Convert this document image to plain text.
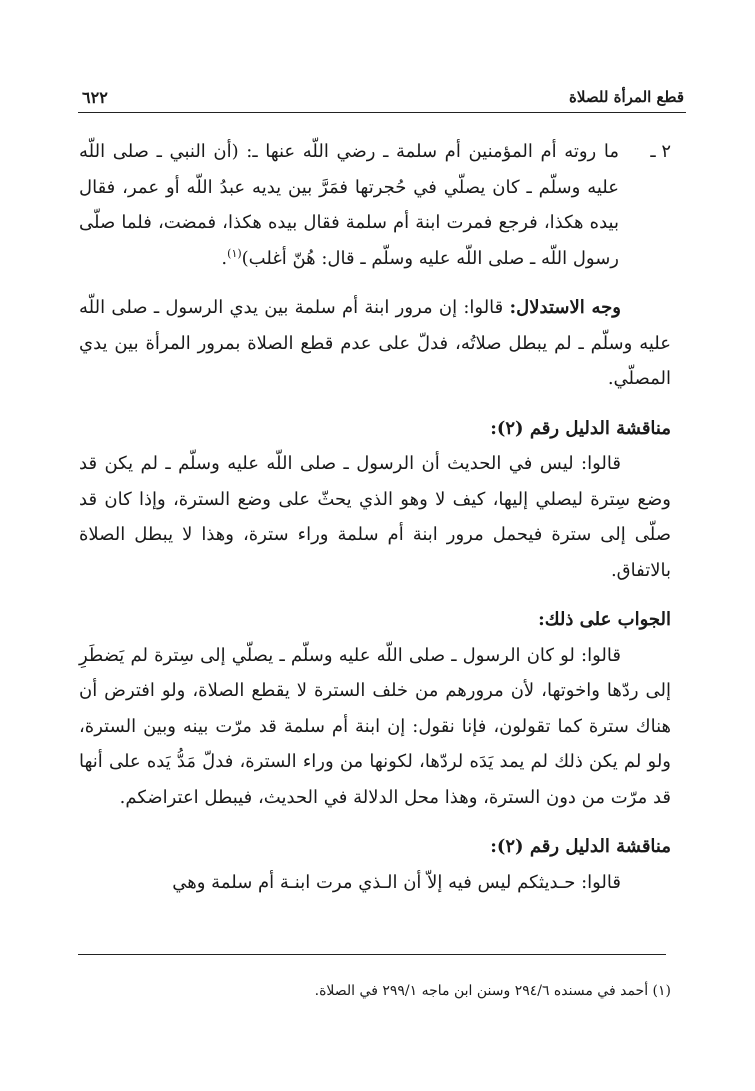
قطع المرأة للصلاة
٦٢٢
٢ ـ

ما روته أم المؤمنين أم سلمة ـ رضي اللّه عنها ـ: (أن النبي ـ صلى اللّه عليه وسلّم ـ كان يصلّي في حُجرتها فمَرَّ بين يديه عبدُ اللّه أو عمر، فقال بيده هكذا، فرجع فمرت ابنة أم سلمة فقال بيده هكذا، فمضت، فلما صلّى رسول اللّه ـ صلى اللّه عليه وسلّم ـ قال: هُنّ أغلب)$^{(١)}$.

وجه الاستدلال: قالوا: إن مرور ابنة أم سلمة بين يدي الرسول ـ صلى اللّه عليه وسلّم ـ لم يبطل صلاتُه، فدلّ على عدم قطع الصلاة بمرور المرأة بين يدي المصلّي.

مناقشة الدليل رقم (٢):

قالوا: ليس في الحديث أن الرسول ـ صلى اللّه عليه وسلّم ـ لم يكن قد وضع سِترة ليصلي إليها، كيف لا وهو الذي يحثّ على وضع السترة، وإذا كان قد صلّى إلى سترة فيحمل مرور ابنة أم سلمة وراء سترة، وهذا لا يبطل الصلاة بالاتفاق.

الجواب على ذلك:

قالوا: لو كان الرسول ـ صلى اللّه عليه وسلّم ـ يصلّي إلى سِترة لم يَضطَرِ إلى ردّها واخوتها، لأن مرورهم من خلف السترة لا يقطع الصلاة، ولو افترض أن هناك سترة كما تقولون، فإنا نقول: إن ابنة أم سلمة قد مرّت بينه وبين السترة، ولو لم يكن ذلك لم يمد يَدَه لردّها، لكونها من وراء السترة، فدلّ مَدُّ يَده على أنها قد مرّت من دون السترة، وهذا محل الدلالة في الحديث، فيبطل اعتراضكم.

مناقشة الدليل رقم (٢):

قالوا: حـديثكم ليس فيه إلاّ أن الـذي مرت ابنـة أم سلمة وهي

(١) أحمد في مسنده ٢٩٤/٦ وسنن ابن ماجه ٢٩٩/١ في الصلاة.
